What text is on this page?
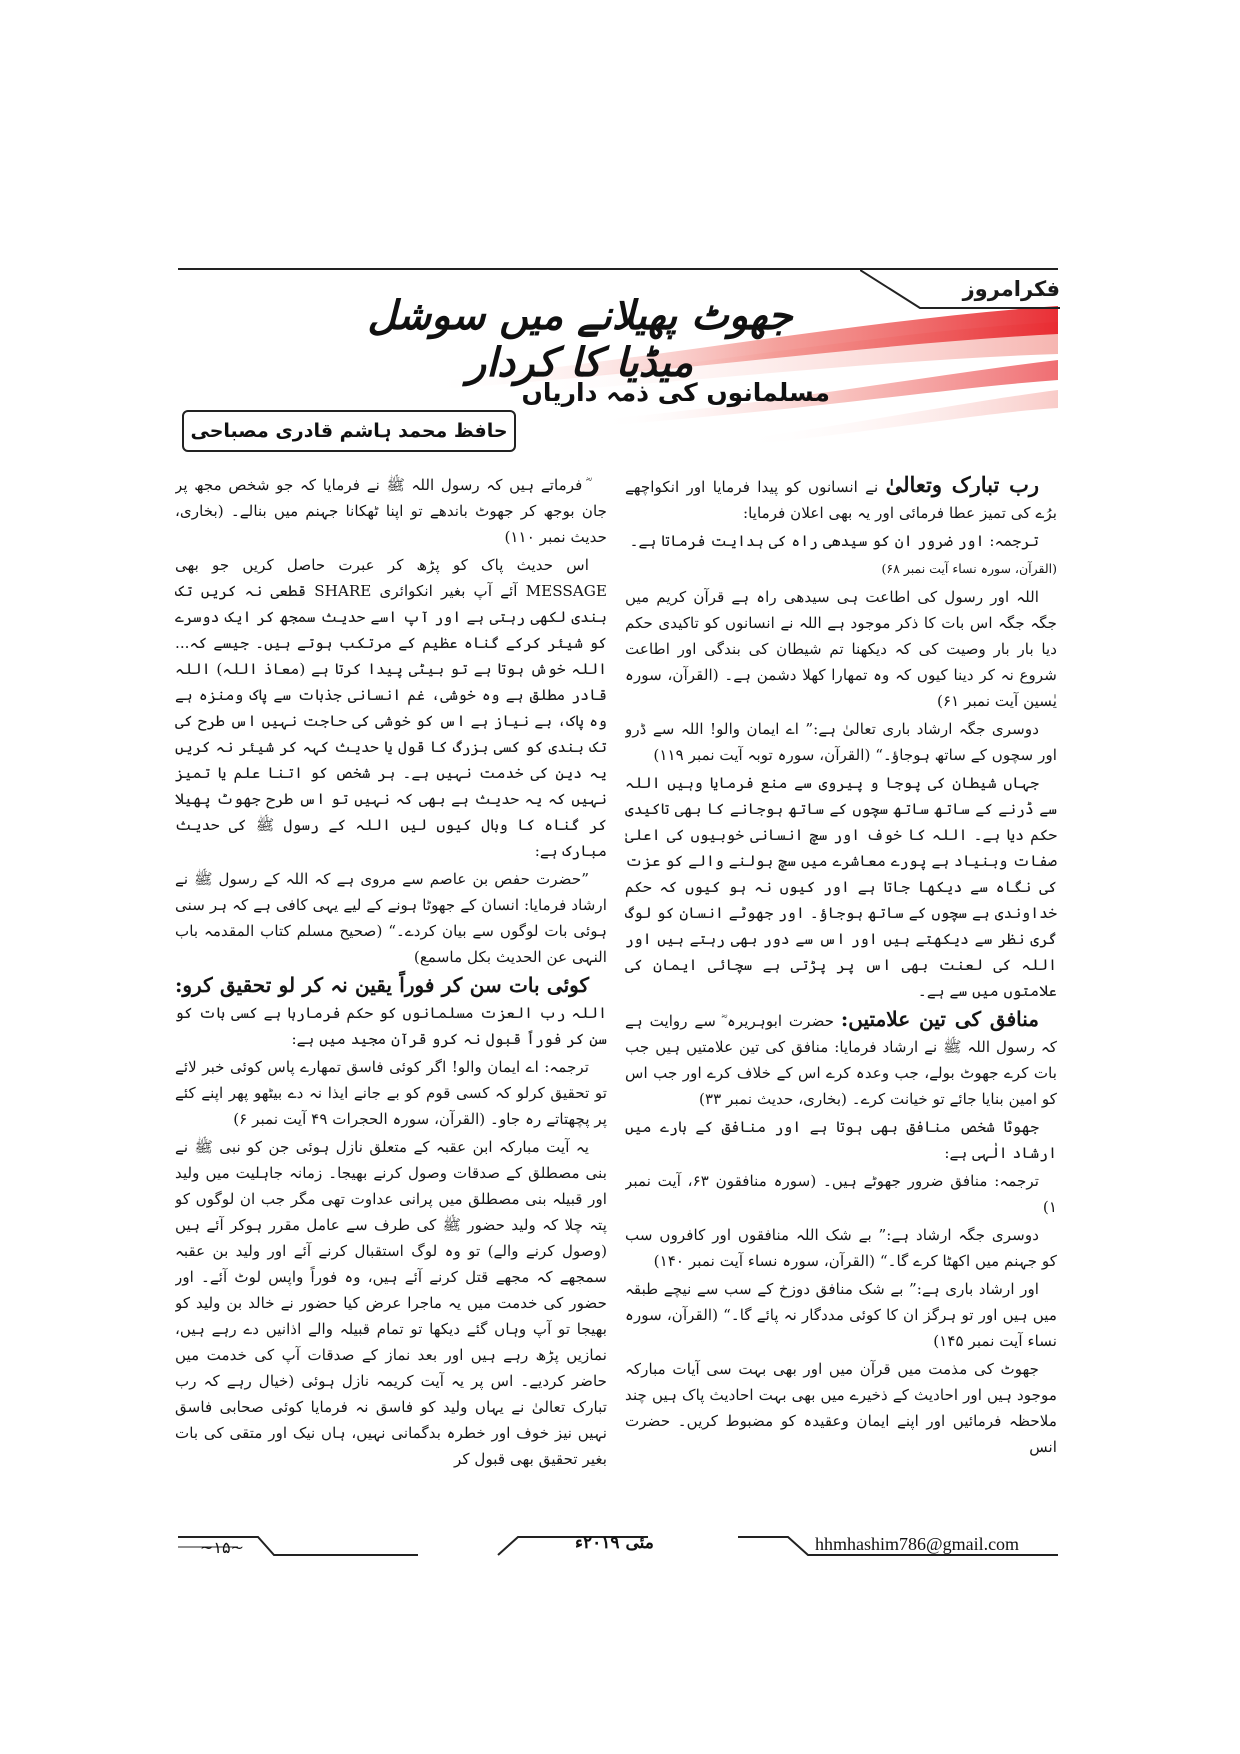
فکرامروز
جھوٹ پھیلانے میں سوشل میڈیا کا کردار
مسلمانوں کی ذمہ داریاں
حافظ محمد ہاشم قادری مصباحی

رب تبارک وتعالیٰ نے انسانوں کو پیدا فرمایا اور انکواچھے برُے کی تمیز عطا فرمائی اور یہ بھی اعلان فرمایا:

ترجمہ: اور ضرور ان کو سیدھی راہ کی ہدایت فرماتا ہے۔

(القرآن، سورہ نساء آیت نمبر ۶۸)

اللہ اور رسول کی اطاعت ہی سیدھی راہ ہے قرآن کریم میں جگہ جگہ اس بات کا ذکر موجود ہے اللہ نے انسانوں کو تاکیدی حکم دیا بار بار وصیت کی کہ دیکھنا تم شیطان کی بندگی اور اطاعت شروع نہ کر دینا کیوں کہ وہ تمھارا کھلا دشمن ہے۔ (القرآن، سورہ یٰسین آیت نمبر ۶۱)

دوسری جگہ ارشاد باری تعالیٰ ہے:” اے ایمان والو! اللہ سے ڈرو اور سچوں کے ساتھ ہوجاؤ۔“ (القرآن، سورہ توبہ آیت نمبر ۱۱۹)

جہاں شیطان کی پوجا و پیروی سے منع فرمایا وہیں اللہ سے ڈرنے کے ساتھ ساتھ سچوں کے ساتھ ہوجانے کا بھی تاکیدی حکم دیا ہے۔ اللہ کا خوف اور سچ انسانی خوبیوں کی اعلیٰ صفات وبنیاد ہے پورے معاشرے میں سچ بولنے والے کو عزت کی نگاہ سے دیکھا جاتا ہے اور کیوں نہ ہو کیوں کہ حکم خداوندی ہے سچوں کے ساتھ ہوجاؤ۔ اور جھوٹے انسان کو لوگ گری نظر سے دیکھتے ہیں اور اس سے دور بھی رہتے ہیں اور اللہ کی لعنت بھی اس پر پڑتی ہے سچائی ایمان کی علامتوں میں سے ہے۔

منافق کی تین علامتیں: حضرت ابوہریرہ ؓ سے روایت ہے کہ رسول اللہ ﷺ نے ارشاد فرمایا: منافق کی تین علامتیں ہیں جب بات کرے جھوٹ بولے، جب وعدہ کرے اس کے خلاف کرے اور جب اس کو امین بنایا جائے تو خیانت کرے۔ (بخاری، حدیث نمبر ۳۳)

جھوٹا شخص منافق بھی ہوتا ہے اور منافق کے بارے میں ارشاد الٰہی ہے:

ترجمہ: منافق ضرور جھوٹے ہیں۔ (سورہ منافقون ۶۳، آیت نمبر ۱)

دوسری جگہ ارشاد ہے:” بے شک اللہ منافقوں اور کافروں سب کو جہنم میں اکھٹا کرے گا۔“ (القرآن، سورہ نساء آیت نمبر ۱۴۰)

اور ارشاد باری ہے:” بے شک منافق دوزخ کے سب سے نیچے طبقہ میں ہیں اور تو ہرگز ان کا کوئی مددگار نہ پائے گا۔“ (القرآن، سورہ نساء آیت نمبر ۱۴۵)

جھوٹ کی مذمت میں قرآن میں اور بھی بہت سی آیات مبارکہ موجود ہیں اور احادیث کے ذخیرے میں بھی بہت احادیث پاک ہیں چند ملاحظہ فرمائیں اور اپنے ایمان وعقیدہ کو مضبوط کریں۔ حضرت انس

ؓ فرماتے ہیں کہ رسول اللہ ﷺ نے فرمایا کہ جو شخص مجھ پر جان بوجھ کر جھوٹ باندھے تو اپنا ٹھکانا جہنم میں بنالے۔ (بخاری، حدیث نمبر ۱۱۰)

اس حدیث پاک کو پڑھ کر عبرت حاصل کریں جو بھی MESSAGE آئے آپ بغیر انکوائری SHARE قطعی نہ کریں تک بندی لکھی رہتی ہے اور آپ اسے حدیث سمجھ کر ایک دوسرے کو شیئر کرکے گناہ عظیم کے مرتکب ہوتے ہیں۔ جیسے کہ... اللہ خوش ہوتا ہے تو بیٹی پیدا کرتا ہے (معاذ اللہ) اللہ قادر مطلق ہے وہ خوشی، غم انسانی جذبات سے پاک ومنزہ ہے وہ پاک، بے نیاز ہے اس کو خوشی کی حاجت نہیں اس طرح کی تک بندی کو کسی بزرگ کا قول یا حدیث کہہ کر شیئر نہ کریں یہ دین کی خدمت نہیں ہے۔ ہر شخص کو اتنا علم یا تمیز نہیں کہ یہ حدیث ہے بھی کہ نہیں تو اس طرح جھوٹ پھیلا کر گناہ کا وبال کیوں لیں اللہ کے رسول ﷺ کی حدیث مبارک ہے:

”حضرت حفص بن عاصم سے مروی ہے کہ اللہ کے رسول ﷺ نے ارشاد فرمایا: انسان کے جھوٹا ہونے کے لیے یہی کافی ہے کہ ہر سنی ہوئی بات لوگوں سے بیان کردے۔“ (صحیح مسلم کتاب المقدمہ باب النہی عن الحدیث بکل ماسمع)

کوئی بات سن کر فوراً یقین نہ کر لو تحقیق کرو: اللہ رب العزت مسلمانوں کو حکم فرمارہا ہے کسی بات کو سن کر فوراً قبول نہ کرو قرآن مجید میں ہے:

ترجمہ: اے ایمان والو! اگر کوئی فاسق تمھارے پاس کوئی خبر لائے تو تحقیق کرلو کہ کسی قوم کو بے جانے ایذا نہ دے بیٹھو پھر اپنے کئے پر پچھتاتے رہ جاو۔ (القرآن، سورہ الحجرات ۴۹ آیت نمبر ۶)

یہ آیت مبارکہ ابن عقبہ کے متعلق نازل ہوئی جن کو نبی ﷺ نے بنی مصطلق کے صدقات وصول کرنے بھیجا۔ زمانہ جاہلیت میں ولید اور قبیلہ بنی مصطلق میں پرانی عداوت تھی مگر جب ان لوگوں کو پتہ چلا کہ ولید حضور ﷺ کی طرف سے عامل مقرر ہوکر آئے ہیں (وصول کرنے والے) تو وہ لوگ استقبال کرنے آئے اور ولید بن عقبہ سمجھے کہ مجھے قتل کرنے آئے ہیں، وہ فوراً واپس لوٹ آئے۔ اور حضور کی خدمت میں یہ ماجرا عرض کیا حضور نے خالد بن ولید کو بھیجا تو آپ وہاں گئے دیکھا تو تمام قبیلہ والے اذانیں دے رہے ہیں، نمازیں پڑھ رہے ہیں اور بعد نماز کے صدقات آپ کی خدمت میں حاضر کردیے۔ اس پر یہ آیت کریمہ نازل ہوئی (خیال رہے کہ رب تبارک تعالیٰ نے یہاں ولید کو فاسق نہ فرمایا کوئی صحابی فاسق نہیں نیز خوف اور خطرہ بدگمانی نہیں، ہاں نیک اور متقی کی بات بغیر تحقیق بھی قبول کر

hhmhashim786@gmail.com
مئی ۲۰۱۹ء
~۱۵~
